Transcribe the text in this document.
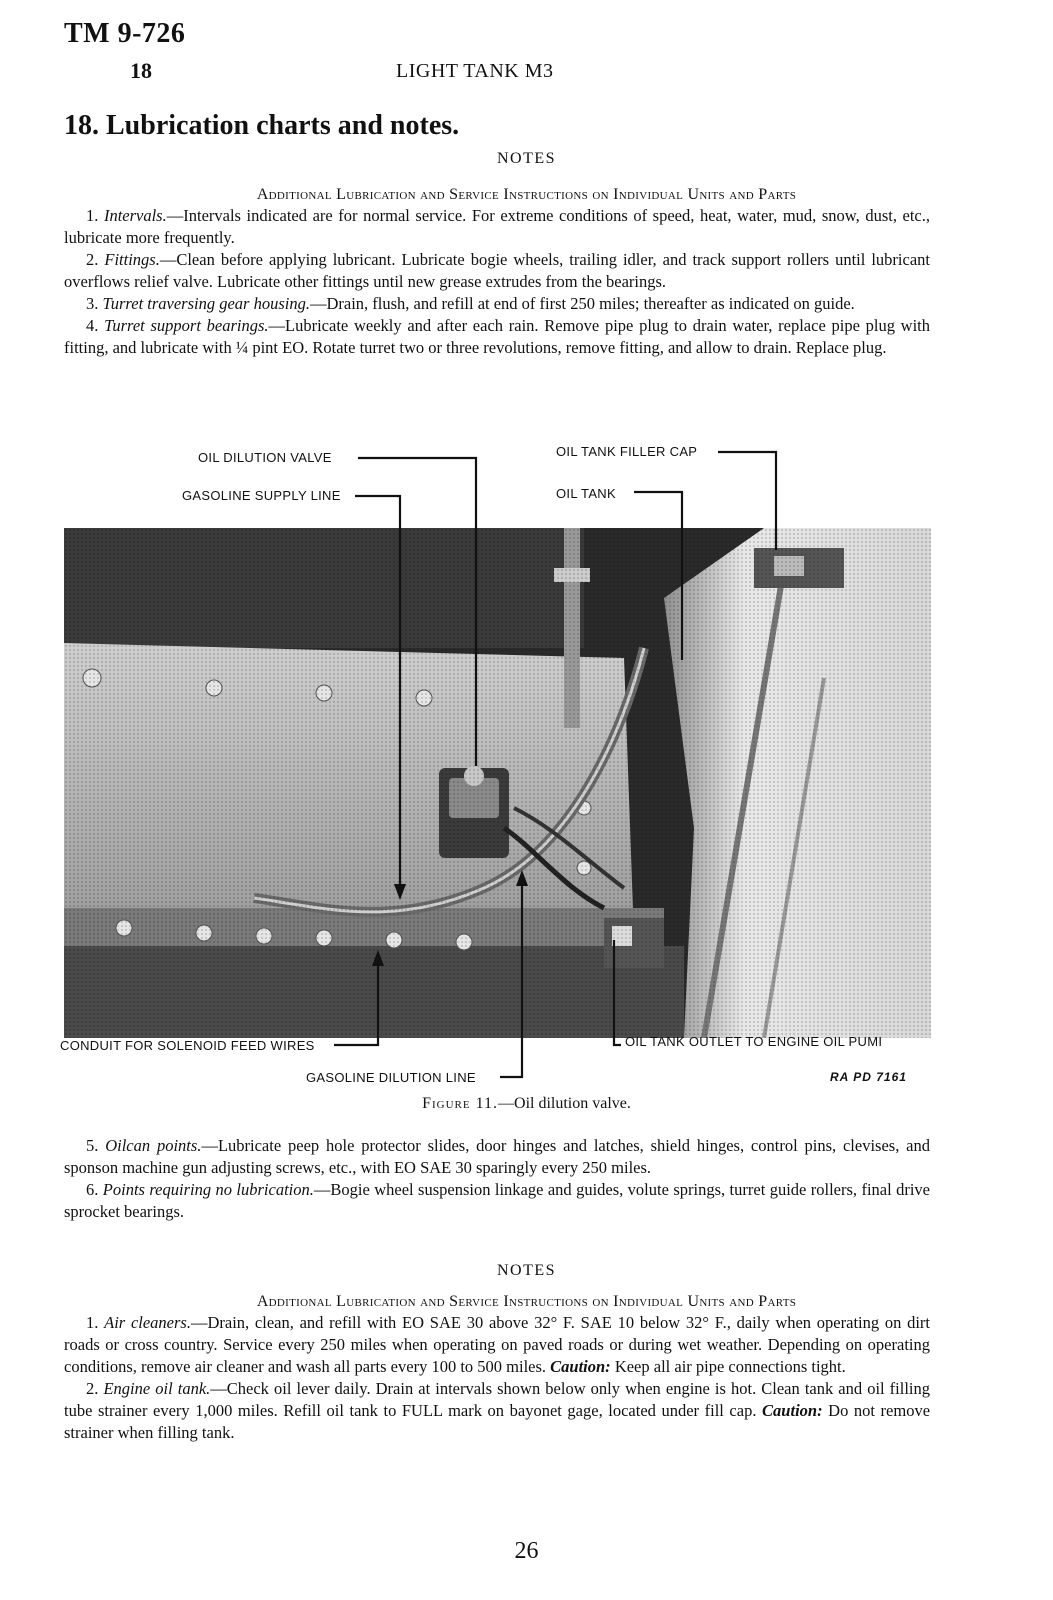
TM 9-726
18	LIGHT TANK M3
18. Lubrication charts and notes.
NOTES
Additional Lubrication and Service Instructions on Individual Units and Parts

1. Intervals.—Intervals indicated are for normal service. For extreme conditions of speed, heat, water, mud, snow, dust, etc., lubricate more frequently.

2. Fittings.—Clean before applying lubricant. Lubricate bogie wheels, trailing idler, and track support rollers until lubricant overflows relief valve. Lubricate other fittings until new grease extrudes from the bearings.

3. Turret traversing gear housing.—Drain, flush, and refill at end of first 250 miles; thereafter as indicated on guide.

4. Turret support bearings.—Lubricate weekly and after each rain. Remove pipe plug to drain water, replace pipe plug with fitting, and lubricate with ¼ pint EO. Rotate turret two or three revolutions, remove fitting, and allow to drain. Replace plug.

OIL DILUTION VALVE	OIL TANK FILLER CAP
GASOLINE SUPPLY LINE	OIL TANK
CONDUIT FOR SOLENOID FEED WIRES	OIL TANK OUTLET TO ENGINE OIL PUMI
GASOLINE DILUTION LINE	RA PD 7161
Figure 11.—Oil dilution valve.

5. Oilcan points.—Lubricate peep hole protector slides, door hinges and latches, shield hinges, control pins, clevises, and sponson machine gun adjusting screws, etc., with EO SAE 30 sparingly every 250 miles.

6. Points requiring no lubrication.—Bogie wheel suspension linkage and guides, volute springs, turret guide rollers, final drive sprocket bearings.

NOTES
Additional Lubrication and Service Instructions on Individual Units and Parts

1. Air cleaners.—Drain, clean, and refill with EO SAE 30 above 32° F. SAE 10 below 32° F., daily when operating on dirt roads or cross country. Service every 250 miles when operating on paved roads or during wet weather. Depending on operating conditions, remove air cleaner and wash all parts every 100 to 500 miles. Caution: Keep all air pipe connections tight.

2. Engine oil tank.—Check oil lever daily. Drain at intervals shown below only when engine is hot. Clean tank and oil filling tube strainer every 1,000 miles. Refill oil tank to FULL mark on bayonet gage, located under fill cap. Caution: Do not remove strainer when filling tank.

26
